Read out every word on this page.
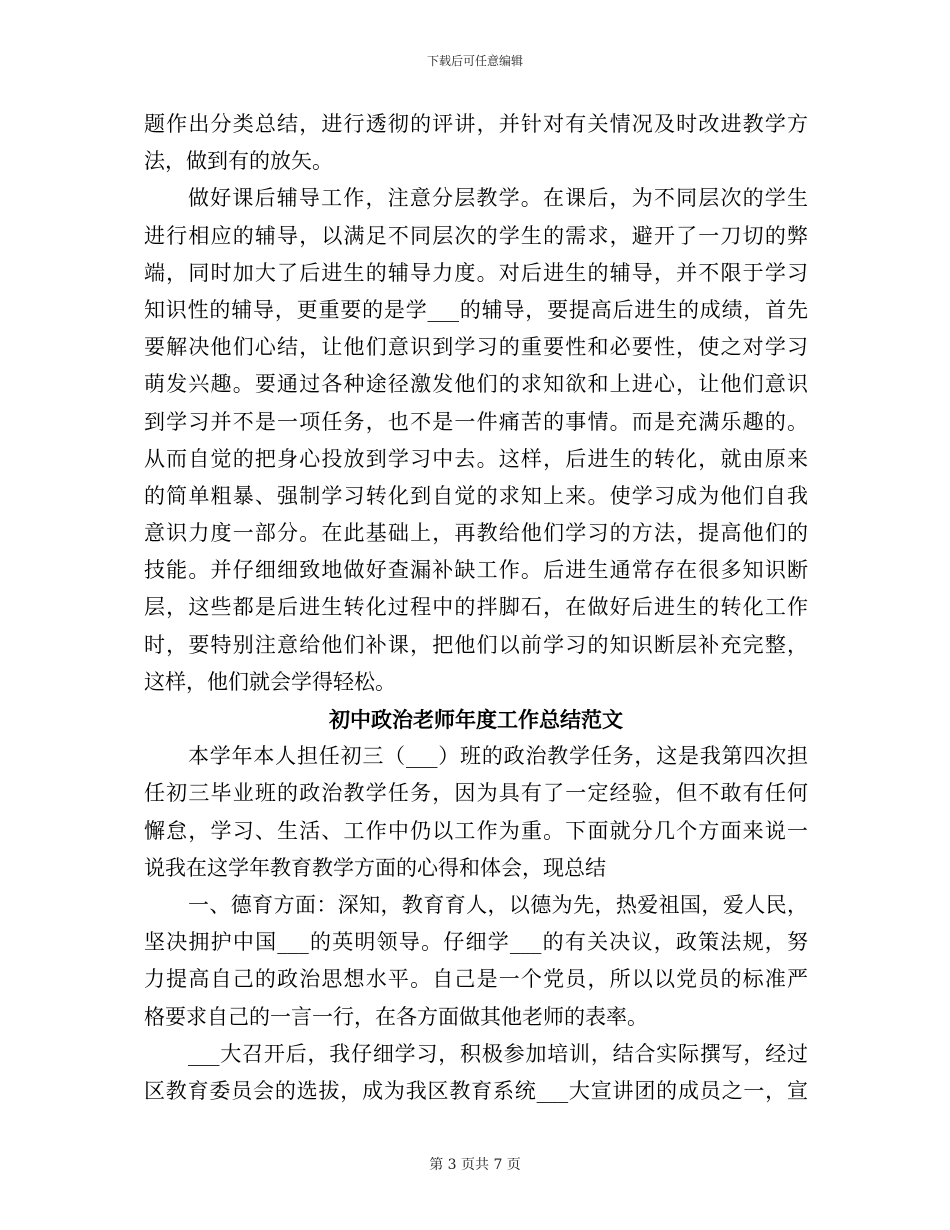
下载后可任意编辑
题作出分类总结，进行透彻的评讲，并针对有关情况及时改进教学方
法，做到有的放矢。
做好课后辅导工作，注意分层教学。在课后，为不同层次的学生
进行相应的辅导，以满足不同层次的学生的需求，避开了一刀切的弊
端，同时加大了后进生的辅导力度。对后进生的辅导，并不限于学习
知识性的辅导，更重要的是学___的辅导，要提高后进生的成绩，首先
要解决他们心结，让他们意识到学习的重要性和必要性，使之对学习
萌发兴趣。要通过各种途径激发他们的求知欲和上进心，让他们意识
到学习并不是一项任务，也不是一件痛苦的事情。而是充满乐趣的。
从而自觉的把身心投放到学习中去。这样，后进生的转化，就由原来
的简单粗暴、强制学习转化到自觉的求知上来。使学习成为他们自我
意识力度一部分。在此基础上，再教给他们学习的方法，提高他们的
技能。并仔细细致地做好查漏补缺工作。后进生通常存在很多知识断
层，这些都是后进生转化过程中的拌脚石，在做好后进生的转化工作
时，要特别注意给他们补课，把他们以前学习的知识断层补充完整，
这样，他们就会学得轻松。
初中政治老师年度工作总结范文
本学年本人担任初三（___）班的政治教学任务，这是我第四次担
任初三毕业班的政治教学任务，因为具有了一定经验，但不敢有任何
懈怠，学习、生活、工作中仍以工作为重。下面就分几个方面来说一
说我在这学年教育教学方面的心得和体会，现总结
一、德育方面：深知，教育育人，以德为先，热爱祖国，爱人民，
坚决拥护中国___的英明领导。仔细学___的有关决议，政策法规，努
力提高自己的政治思想水平。自己是一个党员，所以以党员的标准严
格要求自己的一言一行，在各方面做其他老师的表率。
___大召开后，我仔细学习，积极参加培训，结合实际撰写，经过
区教育委员会的选拔，成为我区教育系统___大宣讲团的成员之一，宣
第 3 页共 7 页
